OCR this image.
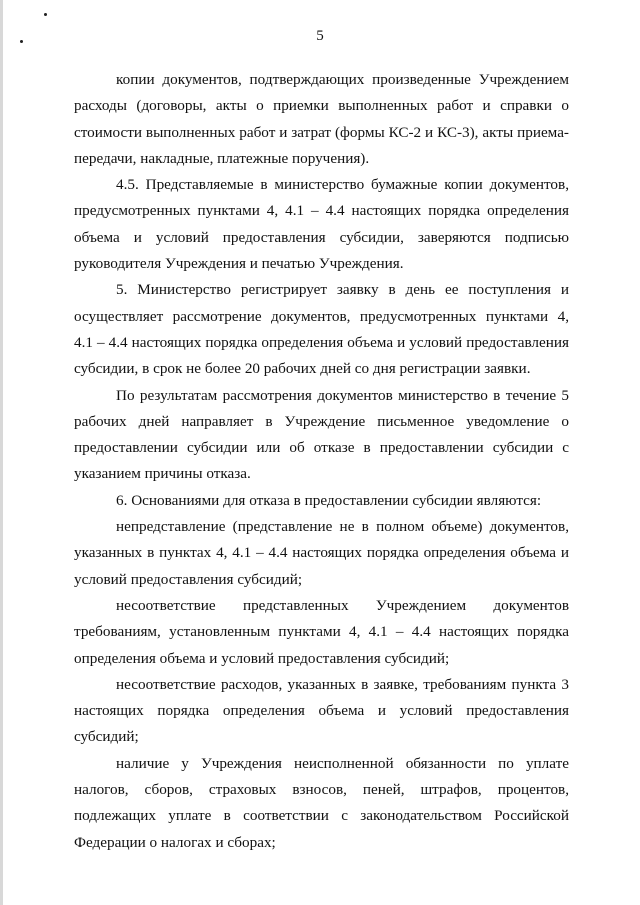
5
копии документов, подтверждающих произведенные Учреждением
расходы (договоры, акты о приемки выполненных работ и справки о
стоимости выполненных работ и затрат (формы КС-2 и КС-3), акты приема-
передачи, накладные, платежные поручения).
4.5. Представляемые в министерство бумажные копии документов,
предусмотренных пунктами 4, 4.1 – 4.4 настоящих порядка определения
объема и условий предоставления субсидии, заверяются подписью
руководителя Учреждения и печатью Учреждения.
5. Министерство регистрирует заявку в день ее поступления и
осуществляет рассмотрение документов, предусмотренных пунктами 4,
4.1 – 4.4 настоящих порядка определения объема и условий предоставления
субсидии, в срок не более 20 рабочих дней со дня регистрации заявки.
По результатам рассмотрения документов министерство в течение 5
рабочих дней направляет в Учреждение письменное уведомление о
предоставлении субсидии или об отказе в предоставлении субсидии с
указанием причины отказа.
6. Основаниями для отказа в предоставлении субсидии являются:
непредставление (представление не в полном объеме) документов,
указанных в пунктах 4, 4.1 – 4.4 настоящих порядка определения объема и
условий предоставления субсидий;
несоответствие представленных Учреждением документов
требованиям, установленным пунктами 4, 4.1 – 4.4 настоящих порядка
определения объема и условий предоставления субсидий;
несоответствие расходов, указанных в заявке, требованиям пункта 3
настоящих порядка определения объема и условий предоставления
субсидий;
наличие у Учреждения неисполненной обязанности по уплате
налогов, сборов, страховых взносов, пеней, штрафов, процентов,
подлежащих уплате в соответствии с законодательством Российской
Федерации о налогах и сборах;
